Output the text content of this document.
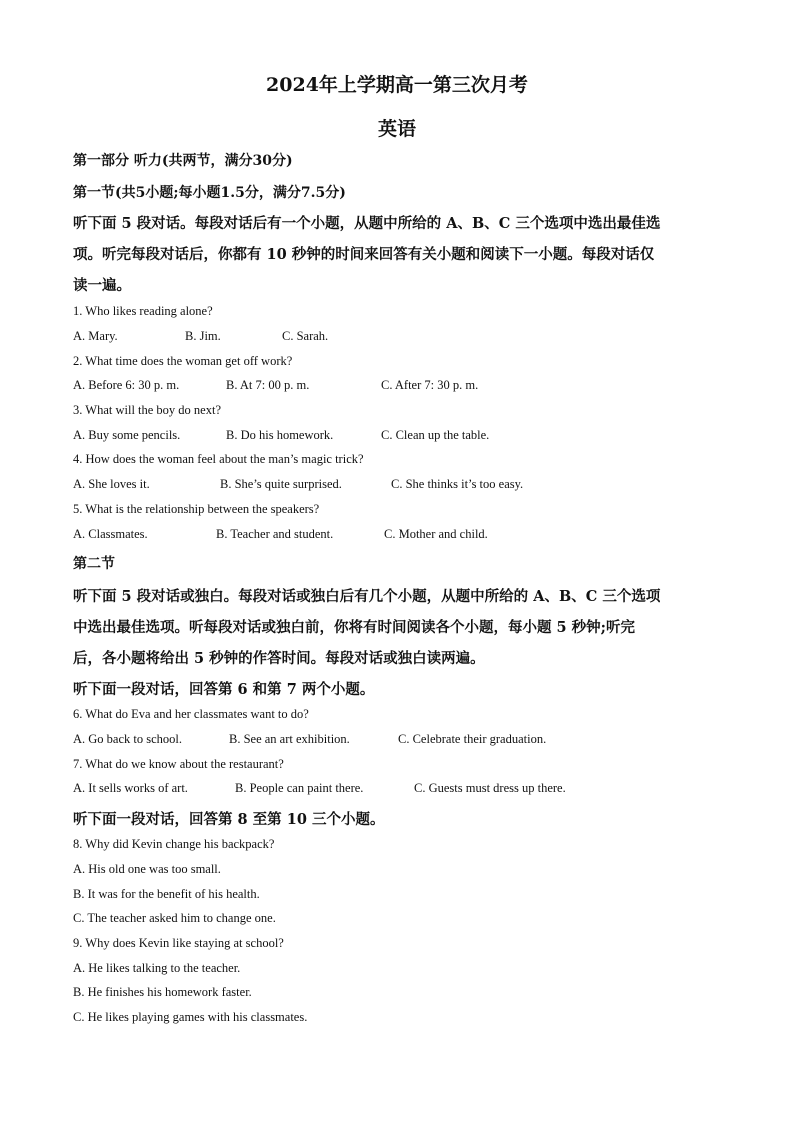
2024年上学期高一第三次月考
英语
第一部分 听力(共两节，满分30分)
第一节(共5小题;每小题1.5分，满分7.5分)
听下面 5 段对话。每段对话后有一个小题，从题中所给的 A、B、C 三个选项中选出最佳选
项。听完每段对话后，你都有 10 秒钟的时间来回答有关小题和阅读下一小题。每段对话仅
读一遍。
1. Who likes reading alone?
A. Mary.	B. Jim.	C. Sarah.
2. What time does the woman get off work?
A. Before 6: 30 p. m.	B. At 7: 00 p. m.	C. After 7: 30 p. m.
3. What will the boy do next?
A. Buy some pencils.	B. Do his homework.	C. Clean up the table.
4. How does the woman feel about the man’s magic trick?
A. She loves it.	B. She’s quite surprised.	C. She thinks it’s too easy.
5. What is the relationship between the speakers?
A. Classmates.	B. Teacher and student.	C. Mother and child.
第二节
听下面 5 段对话或独白。每段对话或独白后有几个小题，从题中所给的 A、B、C 三个选项
中选出最佳选项。听每段对话或独白前，你将有时间阅读各个小题，每小题 5 秒钟;听完
后，各小题将给出 5 秒钟的作答时间。每段对话或独白读两遍。
听下面一段对话，回答第 6 和第 7 两个小题。
6. What do Eva and her classmates want to do?
A. Go back to school.	B. See an art exhibition.	C. Celebrate their graduation.
7. What do we know about the restaurant?
A. It sells works of art.	B. People can paint there.	C. Guests must dress up there.
听下面一段对话，回答第 8 至第 10 三个小题。
8. Why did Kevin change his backpack?
A. His old one was too small.
B. It was for the benefit of his health.
C. The teacher asked him to change one.
9. Why does Kevin like staying at school?
A. He likes talking to the teacher.
B. He finishes his homework faster.
C. He likes playing games with his classmates.
